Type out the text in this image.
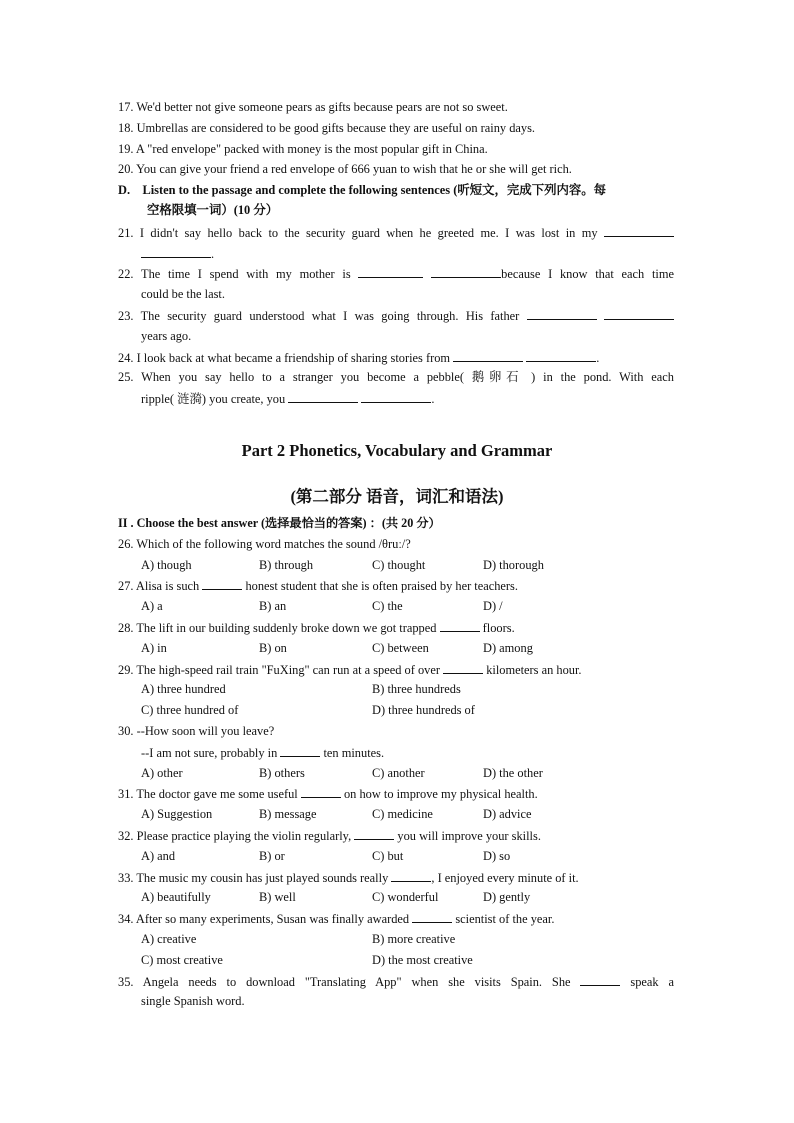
17. We'd better not give someone pears as gifts because pears are not so sweet.
18. Umbrellas are considered to be good gifts because they are useful on rainy days.
19. A "red envelope" packed with money is the most popular gift in China.
20. You can give your friend a red envelope of 666 yuan to wish that he or she will get rich.
D. Listen to the passage and complete the following sentences (听短文，完成下列内容。每
空格限填一词）(10 分）
21. I didn't say hello back to the security guard when he greeted me. I was lost in my
.
22. The time I spend with my mother is	because I know that each time
could be the last.
23. The security guard understood what I was going through. His father
years ago.
24. I look back at what became a friendship of sharing stories from	.
25. When you say hello to a stranger you become a pebble( 鹅卵石 ) in the pond. With each
ripple( 涟漪) you create, you	.
Part 2 Phonetics, Vocabulary and Grammar
(第二部分 语音，词汇和语法)
II . Choose the best answer (选择最恰当的答案) ：(共 20 分）
26. Which of the following word matches the sound /θruː/?
A) though	B) through	C) thought	D) thorough
27. Alisa is such	honest student that she is often praised by her teachers.
A) a	B) an	C) the	D) /
28. The lift in our building suddenly broke down we got trapped	floors.
A) in	B) on	C) between	D) among
29. The high-speed rail train "FuXing" can run at a speed of over	kilometers an hour.
A) three hundred	B) three hundreds
C) three hundred of	D) three hundreds of
30. --How soon will you leave?
--I am not sure, probably in	ten minutes.
A) other	B) others	C) another	D) the other
31. The doctor gave me some useful	on how to improve my physical health.
A) Suggestion	B) message	C) medicine	D) advice
32. Please practice playing the violin regularly,	you will improve your skills.
A) and	B) or	C) but	D) so
33. The music my cousin has just played sounds really	, I enjoyed every minute of it.
A) beautifully	B) well	C) wonderful	D) gently
34. After so many experiments, Susan was finally awarded	scientist of the year.
A) creative	B) more creative
C) most creative	D) the most creative
35. Angela needs to download "Translating App" when she visits Spain. She	speak a
single Spanish word.
